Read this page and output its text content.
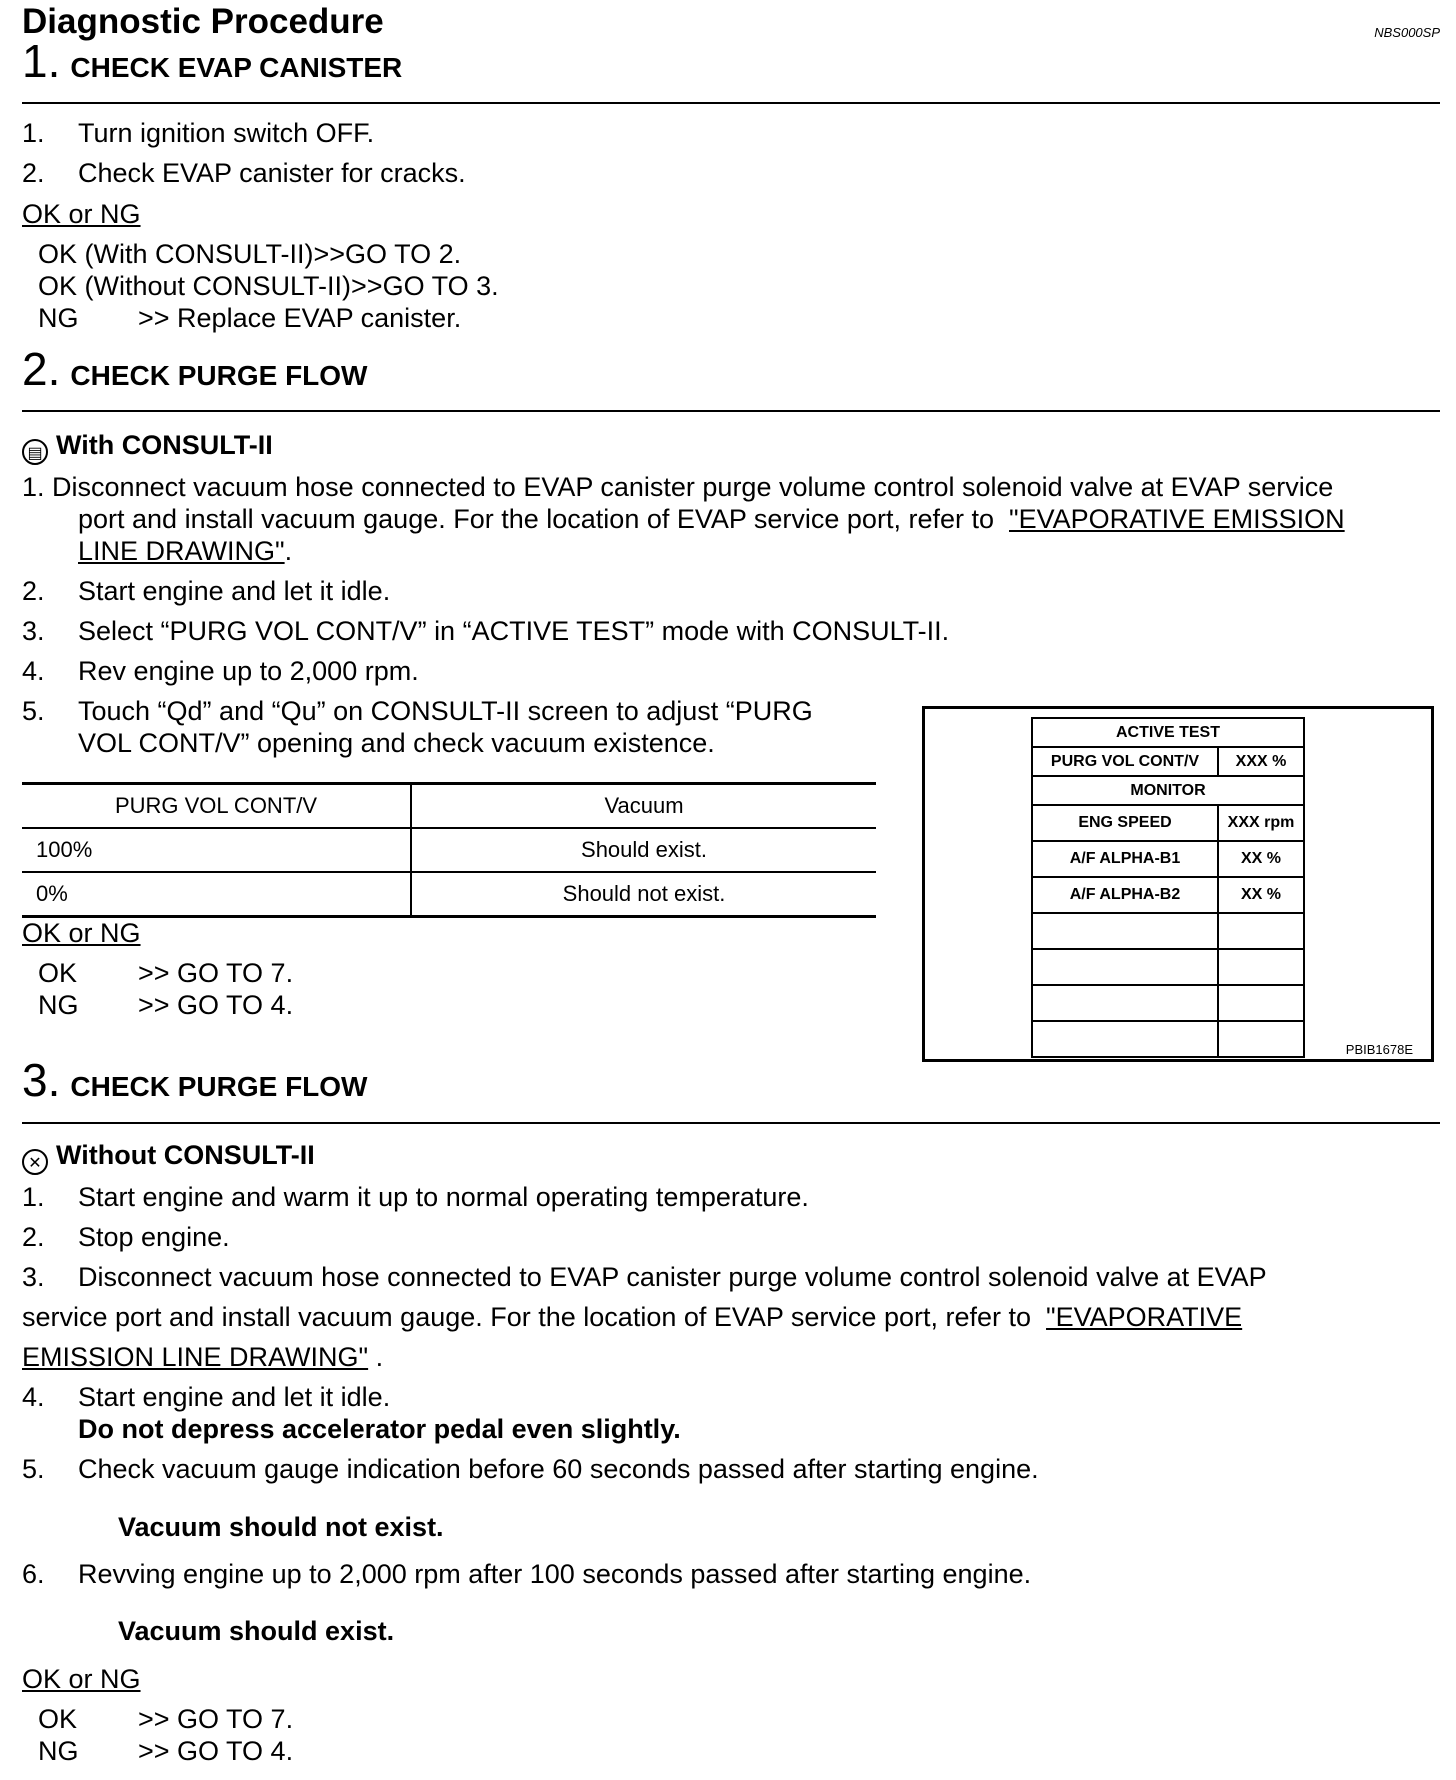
Diagnostic Procedure	NBS000SP
1. CHECK EVAP CANISTER
1. Turn ignition switch OFF.
2. Check EVAP canister for cracks.
OK or NG
OK (With CONSULT-II)>>GO TO 2.
OK (Without CONSULT-II)>>GO TO 3.
NG >> Replace EVAP canister.
2. CHECK PURGE FLOW
▤ With CONSULT-II
1. Disconnect vacuum hose connected to EVAP canister purge volume control solenoid valve at EVAP service
port and install vacuum gauge. For the location of EVAP service port, refer to "EVAPORATIVE EMISSION
LINE DRAWING".
2. Start engine and let it idle.
3. Select “PURG VOL CONT/V” in “ACTIVE TEST” mode with CONSULT-II.
4. Rev engine up to 2,000 rpm.
5. Touch “Qd” and “Qu” on CONSULT-II screen to adjust “PURG
VOL CONT/V” opening and check vacuum existence.
PURG VOL CONT/V	Vacuum
100%	Should exist.
0%	Should not exist.
OK or NG
OK >> GO TO 7.
NG >> GO TO 4.
ACTIVE TEST	
PURG VOL CONT/V	XXX %
MONITOR	
ENG SPEED	XXX rpm
A/F ALPHA-B1	XX %
A/F ALPHA-B2	XX %

PBIB1678E
3. CHECK PURGE FLOW
✕ Without CONSULT-II
1. Start engine and warm it up to normal operating temperature.
2. Stop engine.
3. Disconnect vacuum hose connected to EVAP canister purge volume control solenoid valve at EVAP
service port and install vacuum gauge. For the location of EVAP service port, refer to "EVAPORATIVE
EMISSION LINE DRAWING" .
4. Start engine and let it idle.
Do not depress accelerator pedal even slightly.
5. Check vacuum gauge indication before 60 seconds passed after starting engine.
Vacuum should not exist.
6. Revving engine up to 2,000 rpm after 100 seconds passed after starting engine.
Vacuum should exist.
OK or NG
OK >> GO TO 7.
NG >> GO TO 4.
